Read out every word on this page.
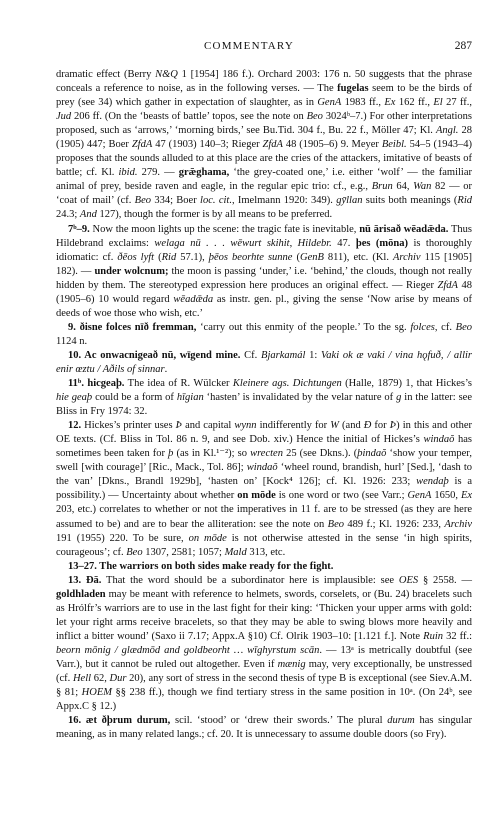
COMMENTARY	287

dramatic effect (Berry N&Q 1 [1954] 186 f.). Orchard 2003: 176 n. 50 suggests that the phrase conceals a reference to noise, as in the following verses. — The fugelas seem to be the birds of prey (see 34) which gather in expectation of slaughter, as in GenA 1983 ff., Ex 162 ff., El 27 ff., Jud 206 ff. (On the ‘beasts of battle’ topos, see the note on Beo 3024ᵇ–7.) For other interpretations proposed, such as ‘arrows,’ ‘morning birds,’ see Bu.Tid. 304 f., Bu. 22 f., Möller 47; Kl. Angl. 28 (1905) 447; Boer ZfdA 47 (1903) 140–3; Rieger ZfdA 48 (1905–6) 9. Meyer Beibl. 54–5 (1943–4) proposes that the sounds alluded to at this place are the cries of the attackers, imitative of beasts of battle; cf. Kl. ibid. 279. — grǣghama, ‘the grey-coated one,’ i.e. either ‘wolf’ — the familiar animal of prey, beside raven and eagle, in the regular epic trio: cf., e.g., Brun 64, Wan 82 — or ‘coat of mail’ (cf. Beo 334; Boer loc. cit., Imelmann 1920: 349). gȳllan suits both meanings (Rid 24.3; And 127), though the former is by all means to be preferred.

7ᵇ–9. Now the moon lights up the scene: the tragic fate is inevitable, nū ārisað wēadǣda. Thus Hildebrand exclaims: welaga nū . . . wēwurt skihit, Hildebr. 47. þes (mōna) is thoroughly idiomatic: cf. ðēos lyft (Rid 57.1), þēos beorhte sunne (GenB 811), etc. (Kl. Archiv 115 [1905] 182). — under wolcnum; the moon is passing ‘under,’ i.e. ‘behind,’ the clouds, though not really hidden by them. The stereotyped expression here produces an original effect. — Rieger ZfdA 48 (1905–6) 10 would regard wēadǣda as instr. gen. pl., giving the sense ‘Now arise by means of deeds of woe those who wish, etc.’

9. ðisne folces nīð fremman, ‘carry out this enmity of the people.’ To the sg. folces, cf. Beo 1124 n.

10. Ac onwacnigeað nū, wīgend mine. Cf. Bjarkamál 1: Vaki ok æ vaki / vina hǫfuð, / allir enir œztu / Aðils of sinnar.

11ᵇ. hicgeaþ. The idea of R. Wülcker Kleinere ags. Dichtungen (Halle, 1879) 1, that Hickes’s hie geaþ could be a form of hīgian ‘hasten’ is invalidated by the velar nature of g in the latter: see Bliss in Fry 1974: 32.

12. Hickes’s printer uses Þ and capital wynn indifferently for W (and Ð for Þ) in this and other OE texts. (Cf. Bliss in Tol. 86 n. 9, and see Dob. xiv.) Hence the initial of Hickes’s windaŏ has sometimes been taken for þ (as in Kl.¹⁻²); so wrecten 25 (see Dkns.). (þindaŏ ‘show your temper, swell [with courage]’ [Ric., Mack., Tol. 86]; windaŏ ‘wheel round, brandish, hurl’ [Sed.], ‘dash to the van’ [Dkns., Brandl 1929b], ‘hasten on’ [Kock⁴ 126]; cf. Kl. 1926: 233; wendaþ is a possibility.) — Uncertainty about whether on mōde is one word or two (see Varr.; GenA 1650, Ex 203, etc.) correlates to whether or not the imperatives in 11 f. are to be stressed (as they are here assumed to be) and are to bear the alliteration: see the note on Beo 489 f.; Kl. 1926: 233, Archiv 191 (1955) 220. To be sure, on mōde is not otherwise attested in the sense ‘in high spirits, courageous’; cf. Beo 1307, 2581; 1057; Mald 313, etc.

13–27. The warriors on both sides make ready for the fight.

13. Ðā. That the word should be a subordinator here is implausible: see OES § 2558. — goldhladen may be meant with reference to helmets, swords, corselets, or (Bu. 24) bracelets such as Hrólfr’s warriors are to use in the last fight for their king: ‘Thicken your upper arms with gold: let your right arms receive bracelets, so that they may be able to swing blows more heavily and inflict a bitter wound’ (Saxo ii 7.17; Appx.A §10) Cf. Olrik 1903–10: [1.121 f.]. Note Ruin 32 ff.: beorn mōnig / glædmōd and goldbeorht … wīghyrstum scān. — 13ᵃ is metrically doubtful (see Varr.), but it cannot be ruled out altogether. Even if mænig may, very exceptionally, be unstressed (cf. Hell 62, Dur 20), any sort of stress in the second thesis of type B is exceptional (see Siev.A.M. § 81; HOEM §§ 238 ff.), though we find tertiary stress in the same position in 10ᵃ. (On 24ᵇ, see Appx.C § 12.)

16. æt ðþrum durum, scil. ‘stood’ or ‘drew their swords.’ The plural durum has singular meaning, as in many related langs.; cf. 20. It is unnecessary to assume double doors (so Fry).
